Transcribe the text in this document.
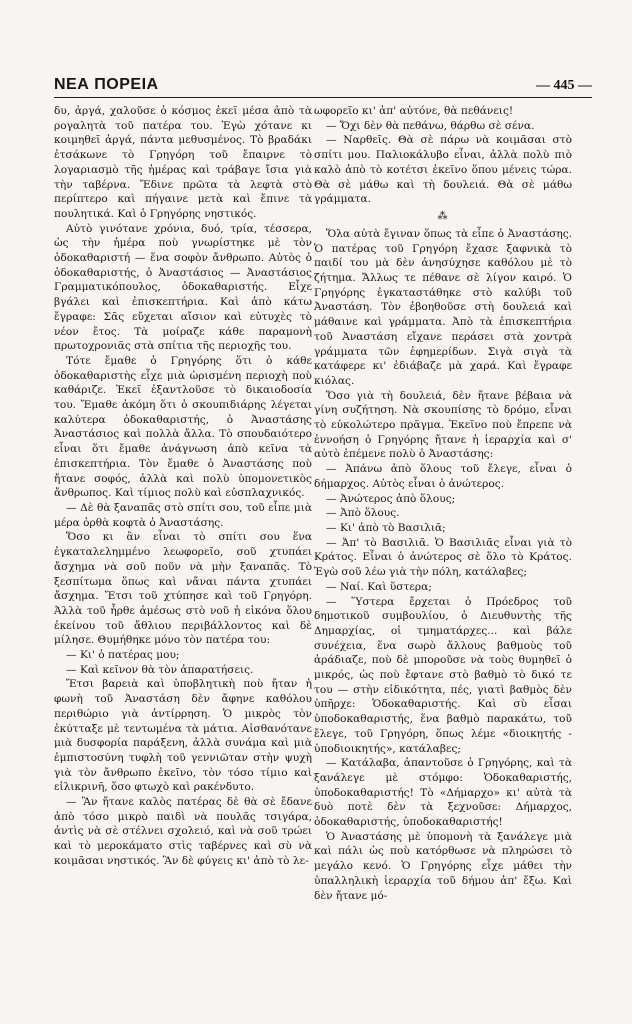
ΝΕΑ ΠΟΡΕΙΑ	— 445 —

δυ, ἀργά, χαλοῦσε ὁ κόσμος ἐκεῖ μέσα ἀπὸ τὰ ρογαλητὰ τοῦ πατέρα του. Ἐγὼ χότανε κι κοιμηθεῖ ἀργά, πάντα μεθυσμένος. Τὸ βραδάκι ἐτσάκωνε τὸ Γρηγόρη τοῦ ἔπαιρνε τὸ λογαριασμὸ τῆς ἡμέρας καὶ τράβαγε ἴσια γιὰ τὴν ταβέρνα. Ἔδινε πρῶτα τὰ λεφτὰ στὸ περίπτερο καὶ πήγαινε μετὰ καὶ ἔπινε τὰ πουλητικά. Καὶ ὁ Γρηγόρης νηστικός.

Αὐτὸ γινότανε χρόνια, δυό, τρία, τέσσερα, ὡς τὴν ἡμέρα ποὺ γνωρίστηκε μὲ τὸν ὁδοκαθαριστή — ἕνα σοφὸν ἄνθρωπο. Αὐτὸς ὁ ὁδοκαθαριστής, ὁ Ἀναστάσιος — Ἀναστάσιος Γραμματικόπουλος, ὁδοκαθαριστής. Εἶχε βγάλει καὶ ἐπισκεπτήρια. Καὶ ἀπὸ κάτω ἔγραφε: Σᾶς εὔχεται αἴσιον καὶ εὐτυχὲς τὸ νέον ἔτος. Τὰ μοίραζε κάθε παραμονὴ πρωτοχρονιᾶς στὰ σπίτια τῆς περιοχῆς του.

Τότε ἔμαθε ὁ Γρηγόρης ὅτι ὁ κάθε ὁδοκαθαριστὴς εἶχε μιὰ ὡρισμένη περιοχὴ ποὺ καθάριζε. Ἐκεῖ ἐξαντλοῦσε τὸ δικαιοδοσία του. Ἔμαθε ἀκόμη ὅτι ὁ σκουπιδιάρης λέγεται καλύτερα ὁδοκαθαριστής, ὁ Ἀναστάσης Ἀναστάσιος καὶ πολλὰ ἄλλα. Τὸ σπουδαιότερο εἶναι ὅτι ἔμαθε ἀνάγνωση ἀπὸ κεῖνα τὰ ἐπισκεπτήρια. Τὸν ἔμαθε ὁ Ἀναστάσης ποὺ ἤτανε σοφός, ἀλλὰ καὶ πολὺ ὑπομονετικὸς ἄνθρωπος. Καὶ τίμιος πολὺ καὶ εὐσπλαχνικός.

— Δὲ θὰ ξαναπᾶς στὸ σπίτι σου, τοῦ εἶπε μιὰ μέρα ὀρθὰ κοφτὰ ὁ Ἀναστάσης.

Ὅσο κι ἂν εἶναι τὸ σπίτι σου ἕνα ἐγκαταλελημμένο λεωφορεῖο, σοῦ χτυπάει ἄσχημα νὰ σοῦ ποῦν νὰ μὴν ξαναπᾶς. Τὸ ξεσπίτωμα ὅπως καὶ νἄναι πάντα χτυπάει ἄσχημα. Ἔτσι τοῦ χτύπησε καὶ τοῦ Γρηγόρη. Ἀλλὰ τοῦ ἦρθε ἀμέσως στὸ νοῦ ἡ εἰκόνα ὅλου ἐκείνου τοῦ ἄθλιου περιβάλλοντος καὶ δὲ μίλησε. Θυμήθηκε μόνο τὸν πατέρα του:

— Κι' ὁ πατέρας μου;

— Καὶ κεῖνον θὰ τὸν ἀπαρατήσεις.

Ἔτσι βαρειὰ καὶ ὑποβλητικὴ ποὺ ἤταν ἡ φωνὴ τοῦ Ἀναστάση δὲν ἄφηνε καθόλου περιθώριο γιὰ ἀντίρρηση. Ὁ μικρὸς τὸν ἐκύτταξε μὲ τεντωμένα τὰ μάτια. Αἰσθανότανε μιὰ δυσφορία παράξενη, ἀλλὰ συνάμα καὶ μιὰ ἐμπιστοσύνη τυφλὴ τοῦ γεννιῶταν στὴν ψυχὴ γιὰ τὸν ἄνθρωπο ἐκεῖνο, τὸν τόσο τίμιο καὶ εἰλικρινῆ, ὅσο φτωχὸ καὶ ρακένδυτο.

— Ἂν ἤτανε καλὸς πατέρας δὲ θὰ σὲ ἔδανε ἀπὸ τόσο μικρὸ παιδὶ νὰ πουλᾶς τσιγάρα, ἀντὶς νὰ σὲ στέλνει σχολειό, καὶ νὰ σοῦ τρώει καὶ τὸ μεροκάματο στὶς ταβέρνες καὶ σὺ νὰ κοιμᾶσαι νηστικός. Ἂν δὲ φύγεις κι' ἀπὸ τὸ λε-

ωφορεῖο κι' ἀπ' αὐτόνε, θὰ πεθάνεις!

— Ὄχι δὲν θὰ πεθάνω, θάρθω σὲ σένα.

— Ναρθεῖς. Θὰ σὲ πάρω νὰ κοιμᾶσαι στὸ σπίτι μου. Παλιοκάλυβο εἶναι, ἀλλὰ πολὺ πιὸ καλὸ ἀπὸ τὸ κοτέτσι ἐκεῖνο ὅπου μένεις τώρα. Θὰ σὲ μάθω καὶ τὴ δουλειά. Θὰ σὲ μάθω γράμματα.

⁂

Ὅλα αὐτὰ ἔγιναν ὅπως τὰ εἶπε ὁ Ἀναστάσης. Ὁ πατέρας τοῦ Γρηγόρη ἔχασε ξαφνικὰ τὸ παιδί του μὰ δὲν ἀνησύχησε καθόλου μὲ τὸ ζήτημα. Ἄλλως τε πέθανε σὲ λίγον καιρό. Ὁ Γρηγόρης ἐγκαταστάθηκε στὸ καλύβι τοῦ Ἀναστάση. Τὸν ἐβοηθοῦσε στὴ δουλειά καὶ μάθαινε καὶ γράμματα. Ἀπὸ τὰ ἐπισκεπτήρια τοῦ Ἀναστάση εἴχανε περάσει στὰ χοντρὰ γράμματα τῶν ἐφημερίδων. Σιγὰ σιγὰ τὰ κατάφερε κι' ἐδιάβαζε μὰ χαρά. Καὶ ἔγραφε κιόλας.

Ὅσο γιὰ τὴ δουλειά, δὲν ἤτανε βέβαια νὰ γίνη συζήτηση. Νὰ σκουπίσης τὸ δρόμο, εἶναι τὸ εὐκολώτερο πρᾶγμα. Ἐκεῖνο ποὺ ἔπρεπε νὰ ἐννοήση ὁ Γρηγόρης ἤτανε ἡ ἱεραρχία καὶ σ' αὐτὸ ἐπέμενε πολὺ ὁ Ἀναστάσης:

— Ἀπάνω ἀπὸ ὅλους τοῦ ἔλεγε, εἶναι ὁ δήμαρχος. Αὐτὸς εἶναι ὁ ἀνώτερος.

— Ἀνώτερος ἀπὸ ὅλους;

— Ἀπὸ ὅλους.

— Κι' ἀπὸ τὸ Βασιλιᾶ;

— Ἀπ' τὸ Βασιλιᾶ. Ὁ Βασιλιᾶς εἶναι γιὰ τὸ Κράτος. Εἶναι ὁ ἀνώτερος σὲ ὅλο τὸ Κράτος. Ἐγὼ σοῦ λέω γιὰ τὴν πόλη, κατάλαβες;

— Ναί. Καὶ ὕστερα;

— Ὕστερα ἔρχεται ὁ Πρόεδρος τοῦ δημοτικοῦ συμβουλίου, ὁ Διευθυντὴς τῆς Δημαρχίας, οἱ τμηματάρχες... καὶ βάλε συνέχεια, ἕνα σωρὸ ἄλλους βαθμοὺς τοῦ ἀράδιαζε, ποὺ δὲ μποροῦσε νὰ τοὺς θυμηθεῖ ὁ μικρός, ὡς ποὺ ἔφτανε στὸ βαθμὸ τὸ δικό τε του — στὴν εἰδικότητα, πές, γιατὶ βαθμὸς δὲν ὑπῆρχε: Ὁδοκαθαριστής. Καὶ σὺ εἶσαι ὑποδοκαθαριστής, ἕνα βαθμὸ παρακάτω, τοῦ ἔλεγε, τοῦ Γρηγόρη, ὅπως λέμε «διοικητής - ὑποδιοικητής», κατάλαβες;

— Κατάλαβα, ἀπαντοῦσε ὁ Γρηγόρης, καὶ τὰ ξανάλεγε μὲ στόμφο: Ὁδοκαθαριστής, ὑποδοκαθαριστής! Τὸ «Δήμαρχο» κι' αὐτὰ τὰ δυὸ ποτὲ δὲν τὰ ξεχνοῦσε: Δήμαρχος, ὁδοκαθαριστής, ὑποδοκαθαριστής!

Ὁ Ἀναστάσης μὲ ὑπομονὴ τὰ ξανάλεγε μιὰ καὶ πάλι ὡς ποὺ κατόρθωσε νὰ πληρώσει τὸ μεγάλο κενό. Ὁ Γρηγόρης εἶχε μάθει τὴν ὑπαλληλικὴ ἱεραρχία τοῦ δήμου ἀπ' ἔξω. Καὶ δὲν ἤτανε μό-
